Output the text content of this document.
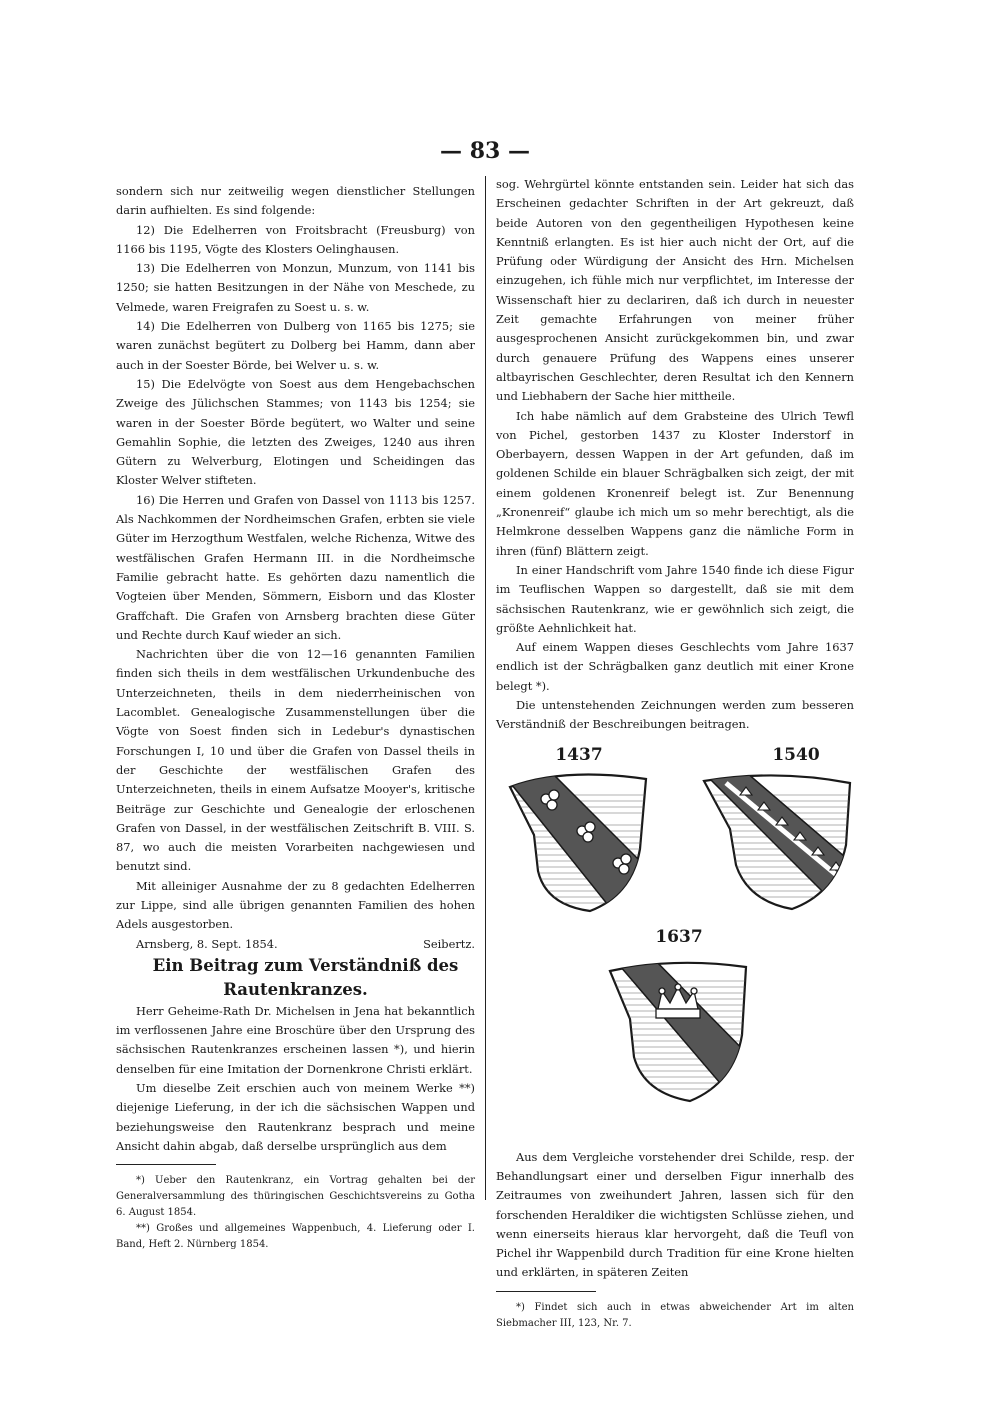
— 83 —

sondern sich nur zeitweilig wegen dienstlicher Stellungen darin aufhielten. Es sind folgende:

12) Die Edelherren von Froitsbracht (Freusburg) von 1166 bis 1195, Vögte des Klosters Oelinghausen.

13) Die Edelherren von Monzun, Munzum, von 1141 bis 1250; sie hatten Besitzungen in der Nähe von Meschede, zu Velmede, waren Freigrafen zu Soest u. s. w.

14) Die Edelherren von Dulberg von 1165 bis 1275; sie waren zunächst begütert zu Dolberg bei Hamm, dann aber auch in der Soester Börde, bei Welver u. s. w.

15) Die Edelvögte von Soest aus dem Hengebachschen Zweige des Jülichschen Stammes; von 1143 bis 1254; sie waren in der Soester Börde begütert, wo Walter und seine Gemahlin Sophie, die letzten des Zweiges, 1240 aus ihren Gütern zu Welverburg, Elotingen und Scheidingen das Kloster Welver stifteten.

16) Die Herren und Grafen von Dassel von 1113 bis 1257. Als Nachkommen der Nordheimschen Grafen, erbten sie viele Güter im Herzogthum Westfalen, welche Richenza, Witwe des westfälischen Grafen Hermann III. in die Nordheimsche Familie gebracht hatte. Es gehörten dazu namentlich die Vogteien über Menden, Sömmern, Eisborn und das Kloster Graffchaft. Die Grafen von Arnsberg brachten diese Güter und Rechte durch Kauf wieder an sich.

Nachrichten über die von 12—16 genannten Familien finden sich theils in dem westfälischen Urkundenbuche des Unterzeichneten, theils in dem niederrheinischen von Lacomblet. Genealogische Zusammenstellungen über die Vögte von Soest finden sich in Ledebur's dynastischen Forschungen I, 10 und über die Grafen von Dassel theils in der Geschichte der westfälischen Grafen des Unterzeichneten, theils in einem Aufsatze Mooyer's, kritische Beiträge zur Geschichte und Genealogie der erloschenen Grafen von Dassel, in der westfälischen Zeitschrift B. VIII. S. 87, wo auch die meisten Vorarbeiten nachgewiesen und benutzt sind.

Mit alleiniger Ausnahme der zu 8 gedachten Edelherren zur Lippe, sind alle übrigen genannten Familien des hohen Adels ausgestorben.

Arnsberg, 8. Sept. 1854.	Seibertz.

Ein Beitrag zum Verständniß des Rautenkranzes.

Herr Geheime-Rath Dr. Michelsen in Jena hat bekanntlich im verflossenen Jahre eine Broschüre über den Ursprung des sächsischen Rautenkranzes erscheinen lassen *), und hierin denselben für eine Imitation der Dornenkrone Christi erklärt.

Um dieselbe Zeit erschien auch von meinem Werke **) diejenige Lieferung, in der ich die sächsischen Wappen und beziehungsweise den Rautenkranz besprach und meine Ansicht dahin abgab, daß derselbe ursprünglich aus dem

*) Ueber den Rautenkranz, ein Vortrag gehalten bei der Generalversammlung des thüringischen Geschichtsvereins zu Gotha 6. August 1854.

**) Großes und allgemeines Wappenbuch, 4. Lieferung oder I. Band, Heft 2. Nürnberg 1854.

sog. Wehrgürtel könnte entstanden sein. Leider hat sich das Erscheinen gedachter Schriften in der Art gekreuzt, daß beide Autoren von den gegentheiligen Hypothesen keine Kenntniß erlangten. Es ist hier auch nicht der Ort, auf die Prüfung oder Würdigung der Ansicht des Hrn. Michelsen einzugehen, ich fühle mich nur verpflichtet, im Interesse der Wissenschaft hier zu declariren, daß ich durch in neuester Zeit gemachte Erfahrungen von meiner früher ausgesprochenen Ansicht zurückgekommen bin, und zwar durch genauere Prüfung des Wappens eines unserer altbayrischen Geschlechter, deren Resultat ich den Kennern und Liebhabern der Sache hier mittheile.

Ich habe nämlich auf dem Grabsteine des Ulrich Tewfl von Pichel, gestorben 1437 zu Kloster Inderstorf in Oberbayern, dessen Wappen in der Art gefunden, daß im goldenen Schilde ein blauer Schrägbalken sich zeigt, der mit einem goldenen Kronenreif belegt ist. Zur Benennung „Kronenreif“ glaube ich mich um so mehr berechtigt, als die Helmkrone desselben Wappens ganz die nämliche Form in ihren (fünf) Blättern zeigt.

In einer Handschrift vom Jahre 1540 finde ich diese Figur im Teuflischen Wappen so dargestellt, daß sie mit dem sächsischen Rautenkranz, wie er gewöhnlich sich zeigt, die größte Aehnlichkeit hat.

Auf einem Wappen dieses Geschlechts vom Jahre 1637 endlich ist der Schrägbalken ganz deutlich mit einer Krone belegt *).

Die untenstehenden Zeichnungen werden zum besseren Verständniß der Beschreibungen beitragen.

1437	1540
1637

Aus dem Vergleiche vorstehender drei Schilde, resp. der Behandlungsart einer und derselben Figur innerhalb des Zeitraumes von zweihundert Jahren, lassen sich für den forschenden Heraldiker die wichtigsten Schlüsse ziehen, und wenn einerseits hieraus klar hervorgeht, daß die Teufl von Pichel ihr Wappenbild durch Tradition für eine Krone hielten und erklärten, in späteren Zeiten

*) Findet sich auch in etwas abweichender Art im alten Siebmacher III, 123, Nr. 7.
